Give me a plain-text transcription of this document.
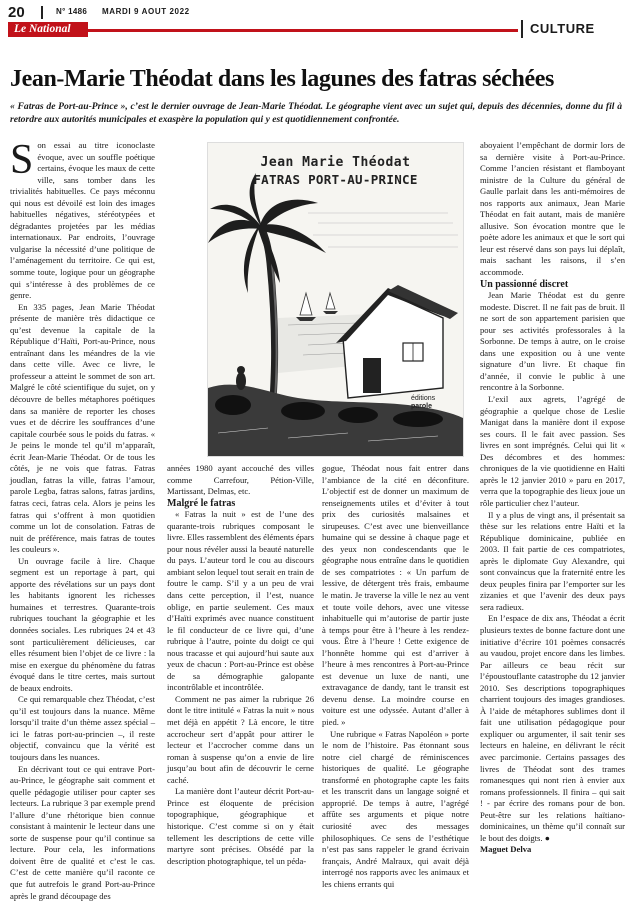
20	N° 1486 MARDI 9 AOUT 2022
Le National	CULTURE
Jean-Marie Théodat dans les lagunes des fatras séchées
« Fatras de Port-au-Prince », c’est le dernier ouvrage de Jean-Marie Théodat. Le géographe vient avec un sujet qui, depuis des décennies, donne du fil à retordre aux autorités municipales et exaspère la population qui y est quotidiennement confrontée.

Son essai au titre iconoclaste évoque, avec un souffle poétique certains, évoque les maux de cette ville, sans tomber dans les trivialités habituelles. Ce pays méconnu qui nous est dévoilé est loin des images habituelles négatives, stéréotypées et dégradantes projetées par les médias internationaux. Par endroits, l’ouvrage vulgarise la nécessité d’une politique de l’aménagement du territoire. Ce qui est, somme toute, logique pour un géographe qui s’intéresse à des problèmes de ce genre.

En 335 pages, Jean Marie Théodat présente de manière très didactique ce qu’est devenue la capitale de la République d’Haïti, Port-au-Prince, nous entraînant dans les méandres de la vie dans cette ville. Avec ce livre, le professeur a atteint le sommet de son art. Malgré le côté scientifique du sujet, on y découvre de belles métaphores poétiques dans sa manière de reporter les choses vues et de décrire les souffrances d’une capitale courbée sous le poids du fatras. « Je peins le monde tel qu’il m’apparaît, écrit Jean-Marie Théodat. Or de tous les côtés, je ne vois que fatras. Fatras joudlan, fatras la ville, fatras l’amour, parole Legba, fatras salons, fatras jardins, fatras ceci, fatras cela. Alors je peins les fatras qui s’offrent à mon quotidien comme un lot de consolation. Fatras de nuit de préférence, mais fatras de toutes les couleurs ».

Un ouvrage facile à lire. Chaque segment est un reportage à part, qui apporte des révélations sur un pays dont les habitants ignorent les richesses humaines et terrestres. Quarante-trois rubriques touchant la géographie et les données sociales. Les rubriques 24 et 43 sont particulièrement délicieuses, car elles résument bien l’objet de ce livre : la mise en exergue du phénomène du fatras évoqué dans le titre certes, mais surtout de beaux endroits.

Ce qui remarquable chez Théodat, c’est qu’il est toujours dans la nuance. Même lorsqu’il traite d’un thème assez spécial – ici le fatras port-au-princien –, il reste objectif, convaincu que la vérité est toujours dans les nuances.

En décrivant tout ce qui entrave Port-au-Prince, le géographe sait comment et quelle pédagogie utiliser pour capter ses lecteurs. La rubrique 3 par exemple prend l’allure d’une rhétorique bien connue consistant à maintenir le lecteur dans une sorte de suspense pour qu’il continue sa lecture. Pour cela, les informations doivent être de qualité et c’est le cas. C’est de cette manière qu’il raconte ce que fut autrefois le grand Port-au-Prince après le grand découpage des

Jean Marie Théodat
FATRAS PORT-AU-PRINCE
éditions
parole

années 1980 ayant accouché des villes comme Carrefour, Pétion-Ville, Martissant, Delmas, etc.

Malgré le fatras

« Fatras la nuit » est de l’une des quarante-trois rubriques composant le livre. Elles rassemblent des éléments épars pour nous révéler aussi la beauté naturelle du pays. L’auteur tord le cou au discours ambiant selon lequel tout serait en train de foutre le camp. S’il y a un peu de vrai dans cette perception, il l’est, nuance oblige, en partie seulement. Ces maux d’Haïti exprimés avec nuance constituent le fil conducteur de ce livre qui, d’une rubrique à l’autre, pointe du doigt ce qui nous tracasse et qui aujourd’hui saute aux yeux de chacun : Port-au-Prince est obèse de sa démographie galopante incontrôlable et incontrôlée.

Comment ne pas aimer la rubrique 26 dont le titre intitulé « Fatras la nuit » nous met déjà en appétit ? Là encore, le titre accrocheur sert d’appât pour attirer le lecteur et l’accrocher comme dans un roman à suspense qu’on a envie de lire jusqu’au bout afin de découvrir le cerne caché.

La manière dont l’auteur décrit Port-au-Prince est éloquente de précision topographique, géographique et historique. C’est comme si on y était tellement les descriptions de cette ville martyre sont précises. Obsédé par la description photographique, tel un péda-

gogue, Théodat nous fait entrer dans l’ambiance de la cité en déconfiture. L’objectif est de donner un maximum de renseignements utiles et d’éviter à tout prix des curiosités malsaines et sirupeuses. C’est avec une bienveillance humaine qui se dessine à chaque page et des yeux non condescendants que le géographe nous entraîne dans le quotidien de ses compatriotes : « Un parfum de lessive, de détergent très frais, embaume le matin. Je traverse la ville le nez au vent et toute voile dehors, avec une vitesse inhabituelle qui m’autorise de partir juste à temps pour être à l’heure à les rendez-vous. Être à l’heure ! Cette exigence de l’honnête homme qui est d’arriver à l’heure à mes rencontres à Port-au-Prince est devenue un luxe de nanti, une extravagance de dandy, tant le transit est devenu dense. La moindre course en voiture est une odyssée. Autant d’aller à pied. »

Une rubrique « Fatras Napoléon » porte le nom de l’histoire. Pas étonnant sous notre ciel chargé de réminiscences historiques de qualité. Le géographe transformé en photographe capte les faits et les transcrit dans un langage soigné et approprié. De temps à autre, l’agrégé affûte ses arguments et pique notre curiosité avec des messages philosophiques. Ce sens de l’esthétique n’est pas sans rappeler le grand écrivain français, André Malraux, qui avait déjà interrogé nos rapports avec les animaux et les chiens errants qui

aboyaient l’empêchant de dormir lors de sa dernière visite à Port-au-Prince. Comme l’ancien résistant et flamboyant ministre de la Culture du général de Gaulle parlait dans les anti-mémoires de nos rapports aux animaux, Jean Marie Théodat en fait autant, mais de manière allusive. Son évocation montre que le poète adore les animaux et que le sort qui leur est réservé dans son pays lui déplaît, mais sachant les raisons, il s’en accommode.

Un passionné discret

Jean Marie Théodat est du genre modeste. Discret. Il ne fait pas de bruit. Il ne sort de son appartement parisien que pour ses activités professorales à la Sorbonne. De temps à autre, on le croise dans une exposition ou à une vente signature d’un livre. Et chaque fin d’année, il convie le public à une rencontre à la Sorbonne.

L’exil aux agrets, l’agrégé de géographie a quelque chose de Leslie Manigat dans la manière dont il expose ses cours. Il le fait avec passion. Ses livres en sont imprégnés. Celui qui lit « Des décombres et des hommes: chroniques de la vie quotidienne en Haïti après le 12 janvier 2010 » paru en 2017, verra que la topographie des lieux joue un rôle particulier chez l’auteur.

Il y a plus de vingt ans, il présentait sa thèse sur les relations entre Haïti et la République dominicaine, publiée en 2003. Il fait partie de ces compatriotes, après le diplomate Guy Alexandre, qui sont convaincus que la fraternité entre les deux peuples finira par l’emporter sur les zizanies et que l’avenir des deux pays sera radieux.

En l’espace de dix ans, Théodat a écrit plusieurs textes de bonne facture dont une initiative d’écrire 101 poèmes consacrés au vaudou, projet encore dans les limbes. Par ailleurs ce beau récit sur l’époustouflante catastrophe du 12 janvier 2010. Ses descriptions topographiques charrient toujours des images grandioses. À l’aide de métaphores sublimes dont il fait une utilisation pédagogique pour expliquer ou argumenter, il sait tenir ses lecteurs en haleine, en délivrant le récit avec parcimonie. Certains passages des livres de Théodat sont des trames romanesques qui nont rien à envier aux romans professionnels. Il finira – qui sait ! - par écrire des romans pour de bon. Peut-être sur les relations haïtiano-dominicaines, un thème qu’il connaît sur le bout des doigts. ●

Maguet Delva
